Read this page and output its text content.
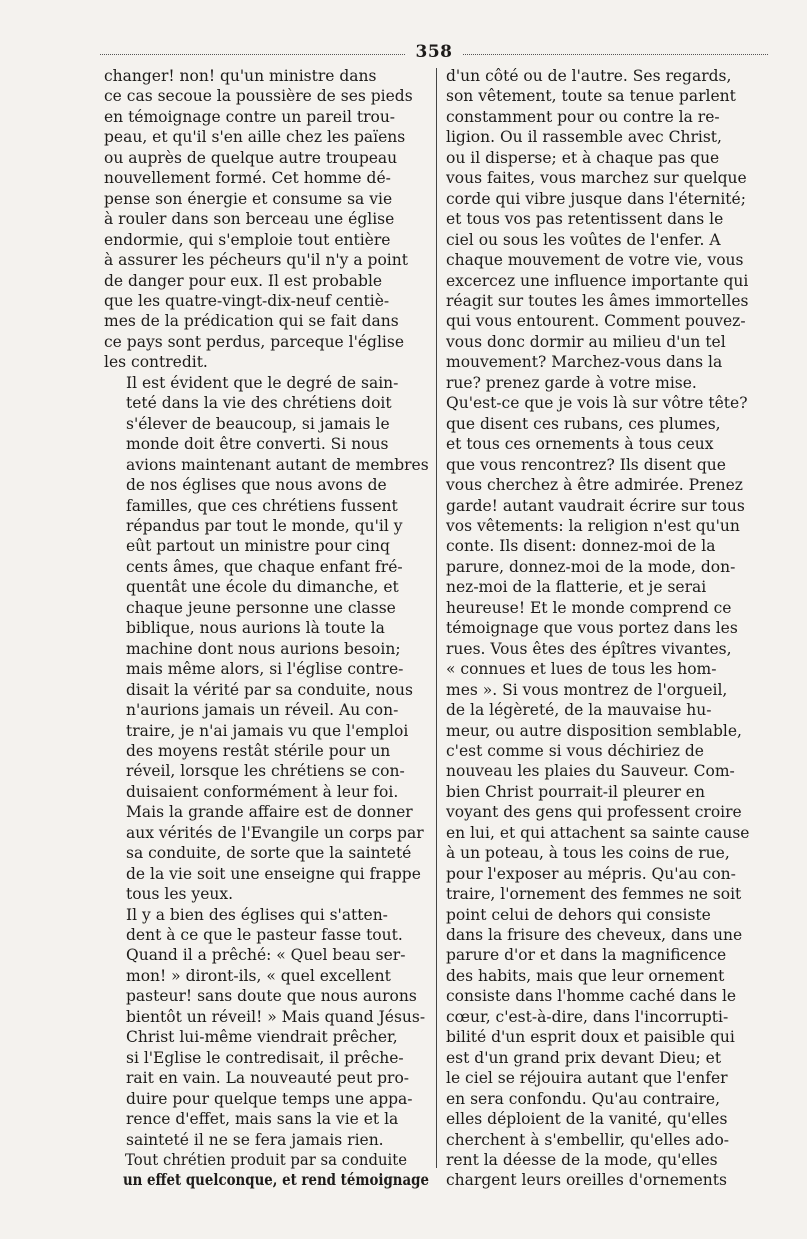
358

changer! non! qu'un ministre dans
ce cas secoue la poussière de ses pieds
en témoignage contre un pareil trou-
peau, et qu'il s'en aille chez les païens
ou auprès de quelque autre troupeau
nouvellement formé. Cet homme dé-
pense son énergie et consume sa vie
à rouler dans son berceau une église
endormie, qui s'emploie tout entière
à assurer les pécheurs qu'il n'y a point
de danger pour eux. Il est probable
que les quatre-vingt-dix-neuf centiè-
mes de la prédication qui se fait dans
ce pays sont perdus, parceque l'église
les contredit.

Il est évident que le degré de sain-
teté dans la vie des chrétiens doit
s'élever de beaucoup, si jamais le
monde doit être converti. Si nous
avions maintenant autant de membres
de nos églises que nous avons de
familles, que ces chrétiens fussent
répandus par tout le monde, qu'il y
eût partout un ministre pour cinq
cents âmes, que chaque enfant fré-
quentât une école du dimanche, et
chaque jeune personne une classe
biblique, nous aurions là toute la
machine dont nous aurions besoin;
mais même alors, si l'église contre-
disait la vérité par sa conduite, nous
n'aurions jamais un réveil. Au con-
traire, je n'ai jamais vu que l'emploi
des moyens restât stérile pour un
réveil, lorsque les chrétiens se con-
duisaient conformément à leur foi.
Mais la grande affaire est de donner
aux vérités de l'Evangile un corps par
sa conduite, de sorte que la sainteté
de la vie soit une enseigne qui frappe
tous les yeux.

Il y a bien des églises qui s'atten-
dent à ce que le pasteur fasse tout.
Quand il a prêché: « Quel beau ser-
mon! » diront-ils, « quel excellent
pasteur! sans doute que nous aurons
bientôt un réveil! » Mais quand Jésus-
Christ lui-même viendrait prêcher,
si l'Eglise le contredisait, il prêche-
rait en vain. La nouveauté peut pro-
duire pour quelque temps une appa-
rence d'effet, mais sans la vie et la
sainteté il ne se fera jamais rien.

Tout chrétien produit par sa conduite
un effet quelconque, et rend témoignage

d'un côté ou de l'autre. Ses regards,
son vêtement, toute sa tenue parlent
constamment pour ou contre la re-
ligion. Ou il rassemble avec Christ,
ou il disperse; et à chaque pas que
vous faites, vous marchez sur quelque
corde qui vibre jusque dans l'éternité;
et tous vos pas retentissent dans le
ciel ou sous les voûtes de l'enfer. A
chaque mouvement de votre vie, vous
excercez une influence importante qui
réagit sur toutes les âmes immortelles
qui vous entourent. Comment pouvez-
vous donc dormir au milieu d'un tel
mouvement? Marchez-vous dans la
rue? prenez garde à votre mise.
Qu'est-ce que je vois là sur vôtre tête?
que disent ces rubans, ces plumes,
et tous ces ornements à tous ceux
que vous rencontrez? Ils disent que
vous cherchez à être admirée. Prenez
garde! autant vaudrait écrire sur tous
vos vêtements: la religion n'est qu'un
conte. Ils disent: donnez-moi de la
parure, donnez-moi de la mode, don-
nez-moi de la flatterie, et je serai
heureuse! Et le monde comprend ce
témoignage que vous portez dans les
rues. Vous êtes des épîtres vivantes,
« connues et lues de tous les hom-
mes ». Si vous montrez de l'orgueil,
de la légèreté, de la mauvaise hu-
meur, ou autre disposition semblable,
c'est comme si vous déchiriez de
nouveau les plaies du Sauveur. Com-
bien Christ pourrait-il pleurer en
voyant des gens qui professent croire
en lui, et qui attachent sa sainte cause
à un poteau, à tous les coins de rue,
pour l'exposer au mépris. Qu'au con-
traire, l'ornement des femmes ne soit
point celui de dehors qui consiste
dans la frisure des cheveux, dans une
parure d'or et dans la magnificence
des habits, mais que leur ornement
consiste dans l'homme caché dans le
cœur, c'est-à-dire, dans l'incorrupti-
bilité d'un esprit doux et paisible qui
est d'un grand prix devant Dieu; et
le ciel se réjouira autant que l'enfer
en sera confondu. Qu'au contraire,
elles déploient de la vanité, qu'elles
cherchent à s'embellir, qu'elles ado-
rent la déesse de la mode, qu'elles
chargent leurs oreilles d'ornements
